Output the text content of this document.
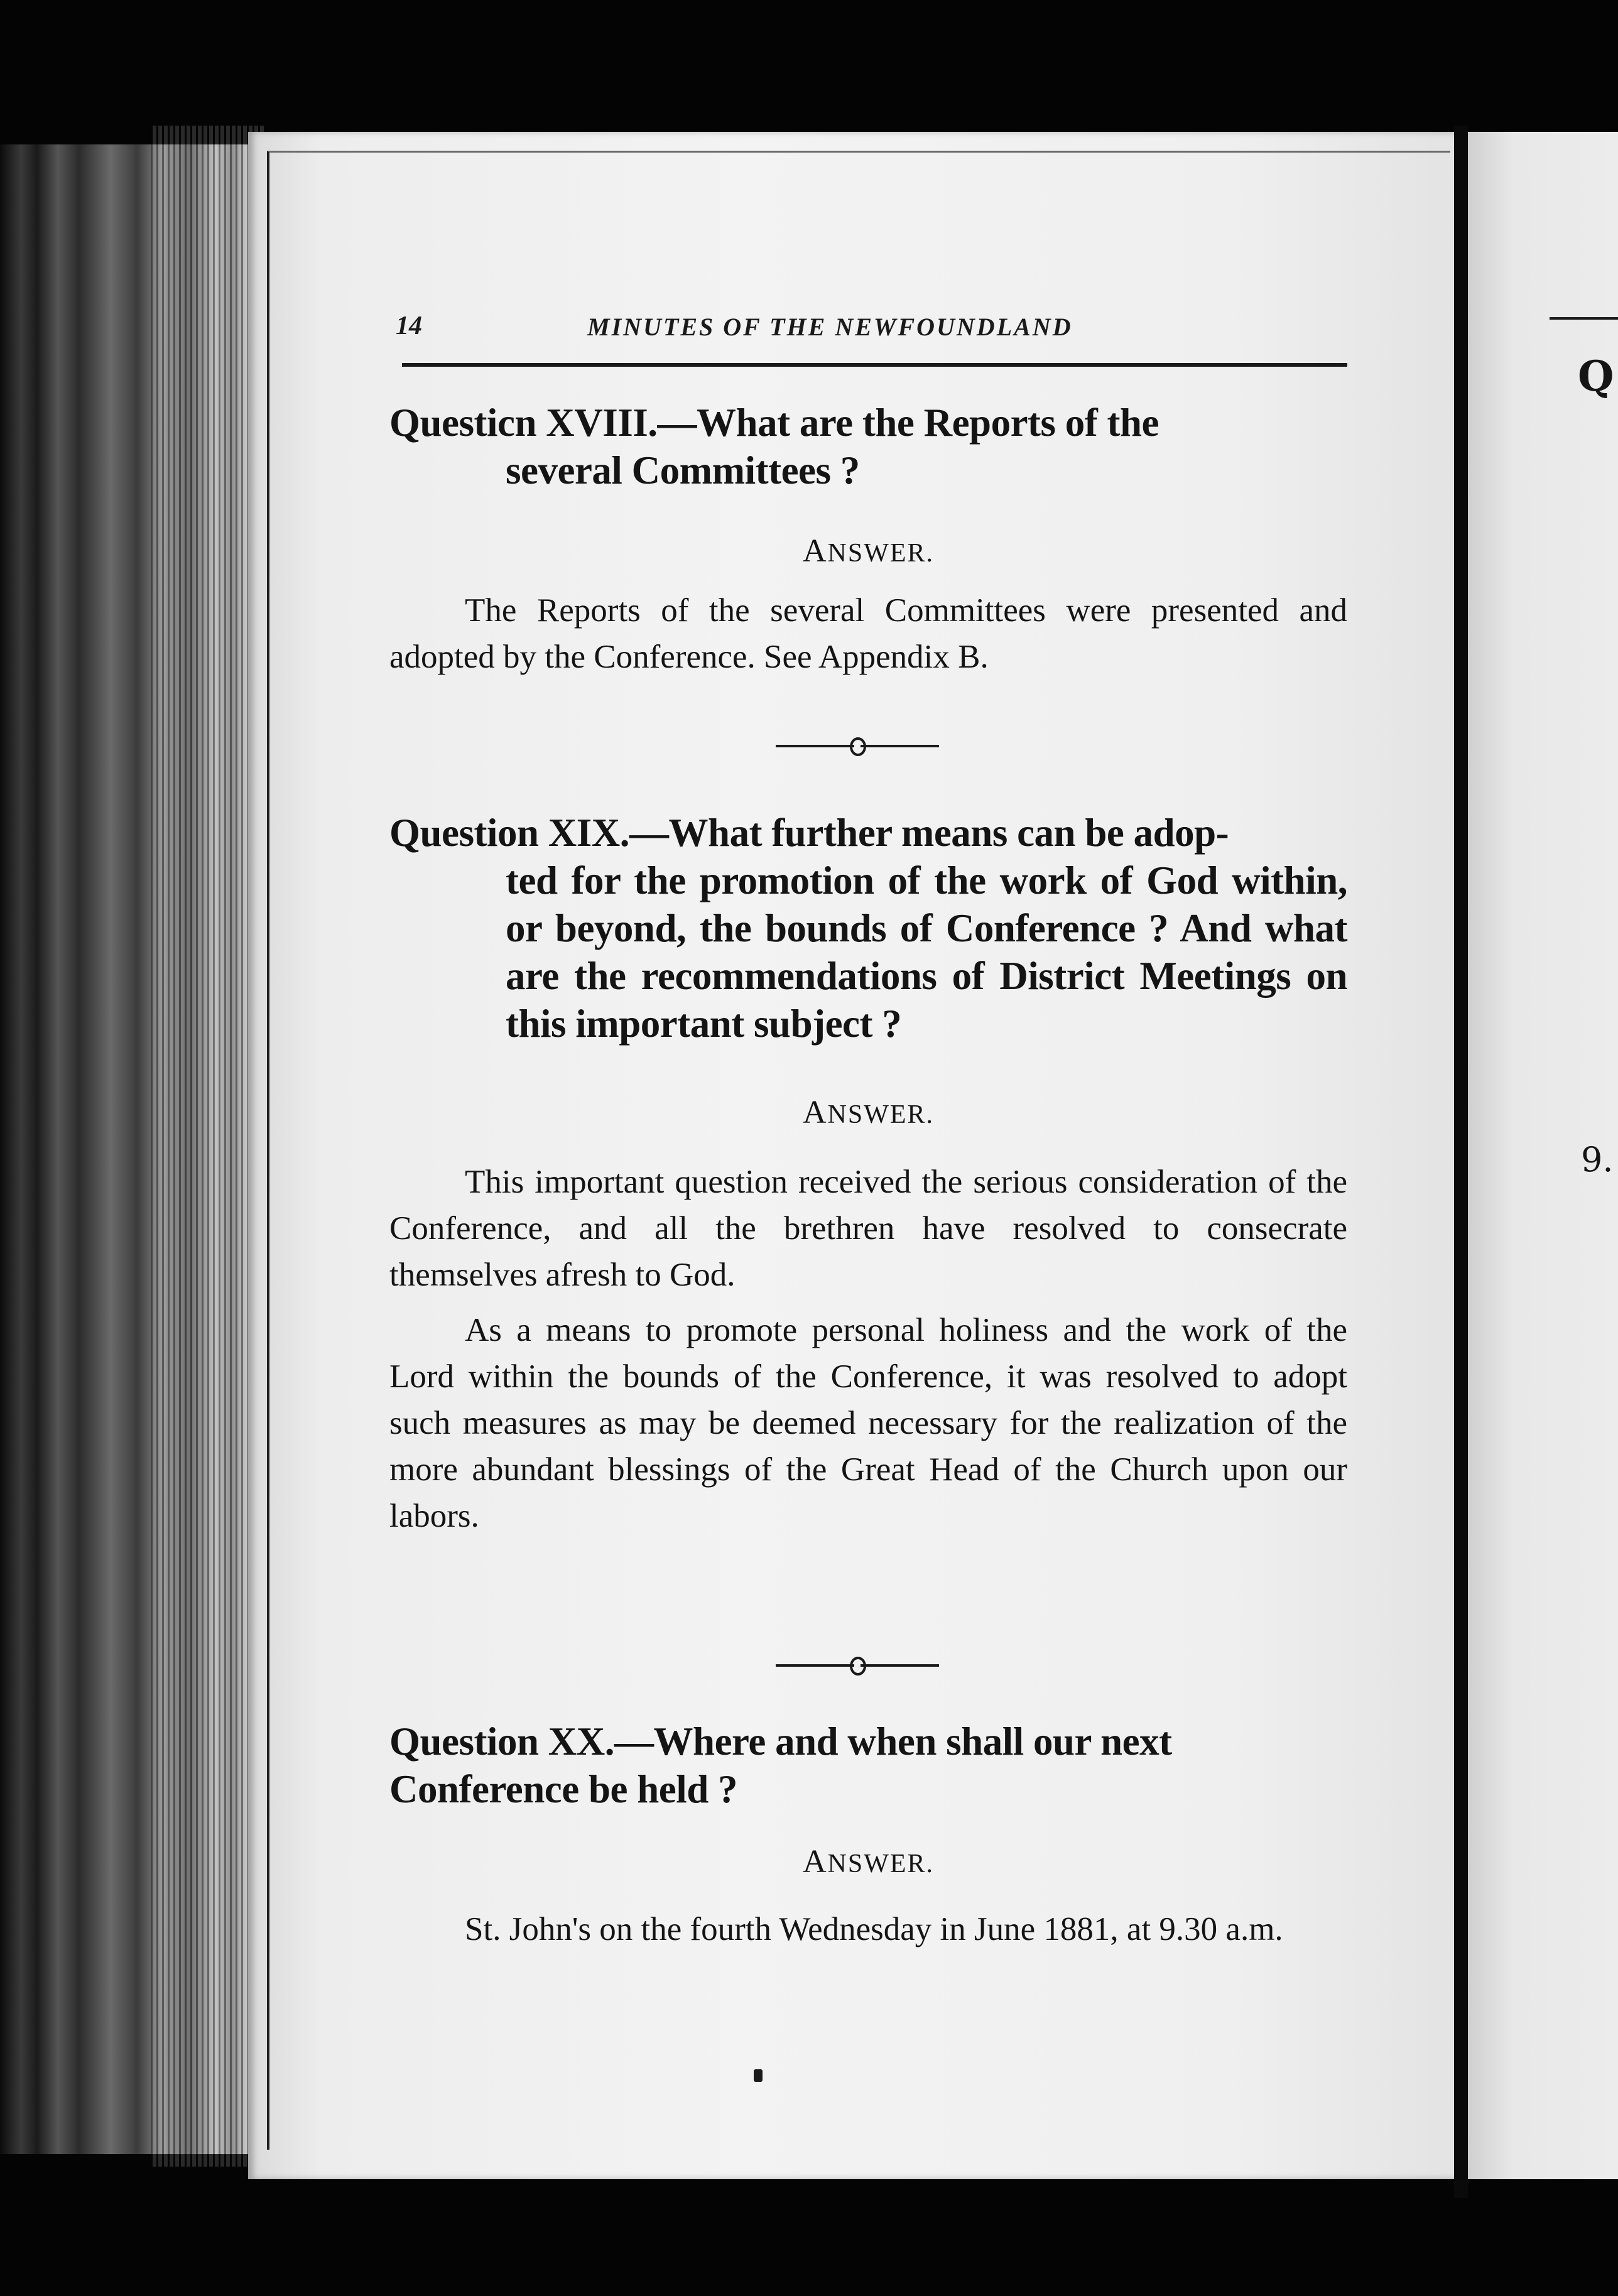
Q
9.
14	MINUTES OF THE NEWFOUNDLAND
Questicn XVIII.—What are the Reports of the
several Committees ?
ANSWER.

The Reports of the several Committees were presented and adopted by the Conference. See Appendix B.

Question XIX.—What further means can be adop-
ted for the promotion of the work of God within, or beyond, the bounds of Conference ? And what are the recommendations of District Meetings on this important subject ?
ANSWER.

This important question received the serious consideration of the Conference, and all the brethren have resolved to consecrate themselves afresh to God.

As a means to promote personal holiness and the work of the Lord within the bounds of the Conference, it was resolved to adopt such measures as may be deemed necessary for the realization of the more abundant blessings of the Great Head of the Church upon our labors.

Question XX.—Where and when shall our next
Conference be held ?
ANSWER.

St. John's on the fourth Wednesday in June 1881, at 9.30 a.m.
